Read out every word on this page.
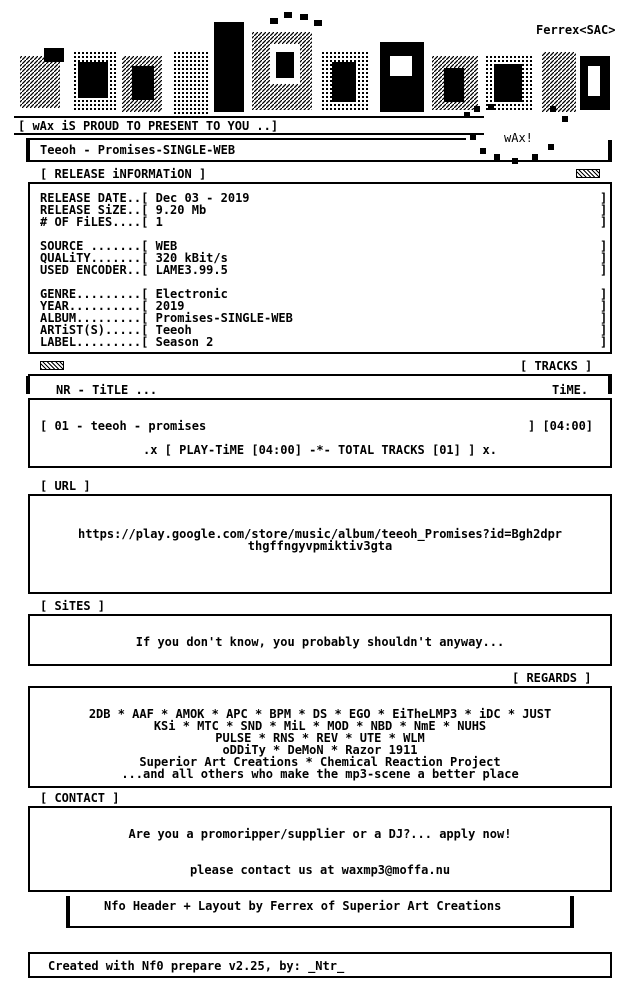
Ferrex<SAC>
[ wAx iS PROUD TO PRESENT TO YOU ..]
wAx!
Teeoh - Promises-SINGLE-WEB
[ RELEASE iNFORMATiON ]
RELEASE DATE..[ Dec 03 - 2019	]
RELEASE SiZE..[ 9.20 Mb	]
# OF FiLES....[ 1	]
SOURCE .......[ WEB	]
QUALiTY.......[ 320 kBit/s	]
USED ENCODER..[ LAME3.99.5	]
GENRE.........[ Electronic	]
YEAR..........[ 2019	]
ALBUM.........[ Promises-SINGLE-WEB	]
ARTiST(S).....[ Teeoh	]
LABEL.........[ Season 2	]
[ TRACKS ]
NR - TiTLE ...	TiME.
[ 01 - teeoh - promises	] [04:00]
.x [ PLAY-TiME [04:00] -*- TOTAL TRACKS [01] ] x.
[ URL ]
https://play.google.com/store/music/album/teeoh_Promises?id=Bgh2dpr
thgffngyvpmiktiv3gta
[ SiTES ]
If you don't know, you probably shouldn't anyway...
[ REGARDS ]
2DB * AAF * AMOK * APC * BPM * DS * EGO * EiTheLMP3 * iDC * JUST
KSi * MTC * SND * MiL * MOD * NBD * NmE * NUHS
PULSE * RNS * REV * UTE * WLM
oDDiTy * DeMoN * Razor 1911
Superior Art Creations * Chemical Reaction Project
...and all others who make the mp3-scene a better place
[ CONTACT ]
Are you a promoripper/supplier or a DJ?... apply now!
please contact us at waxmp3@moffa.nu
Nfo Header + Layout by Ferrex of Superior Art Creations
Created with Nf0 prepare v2.25, by: _Ntr_
